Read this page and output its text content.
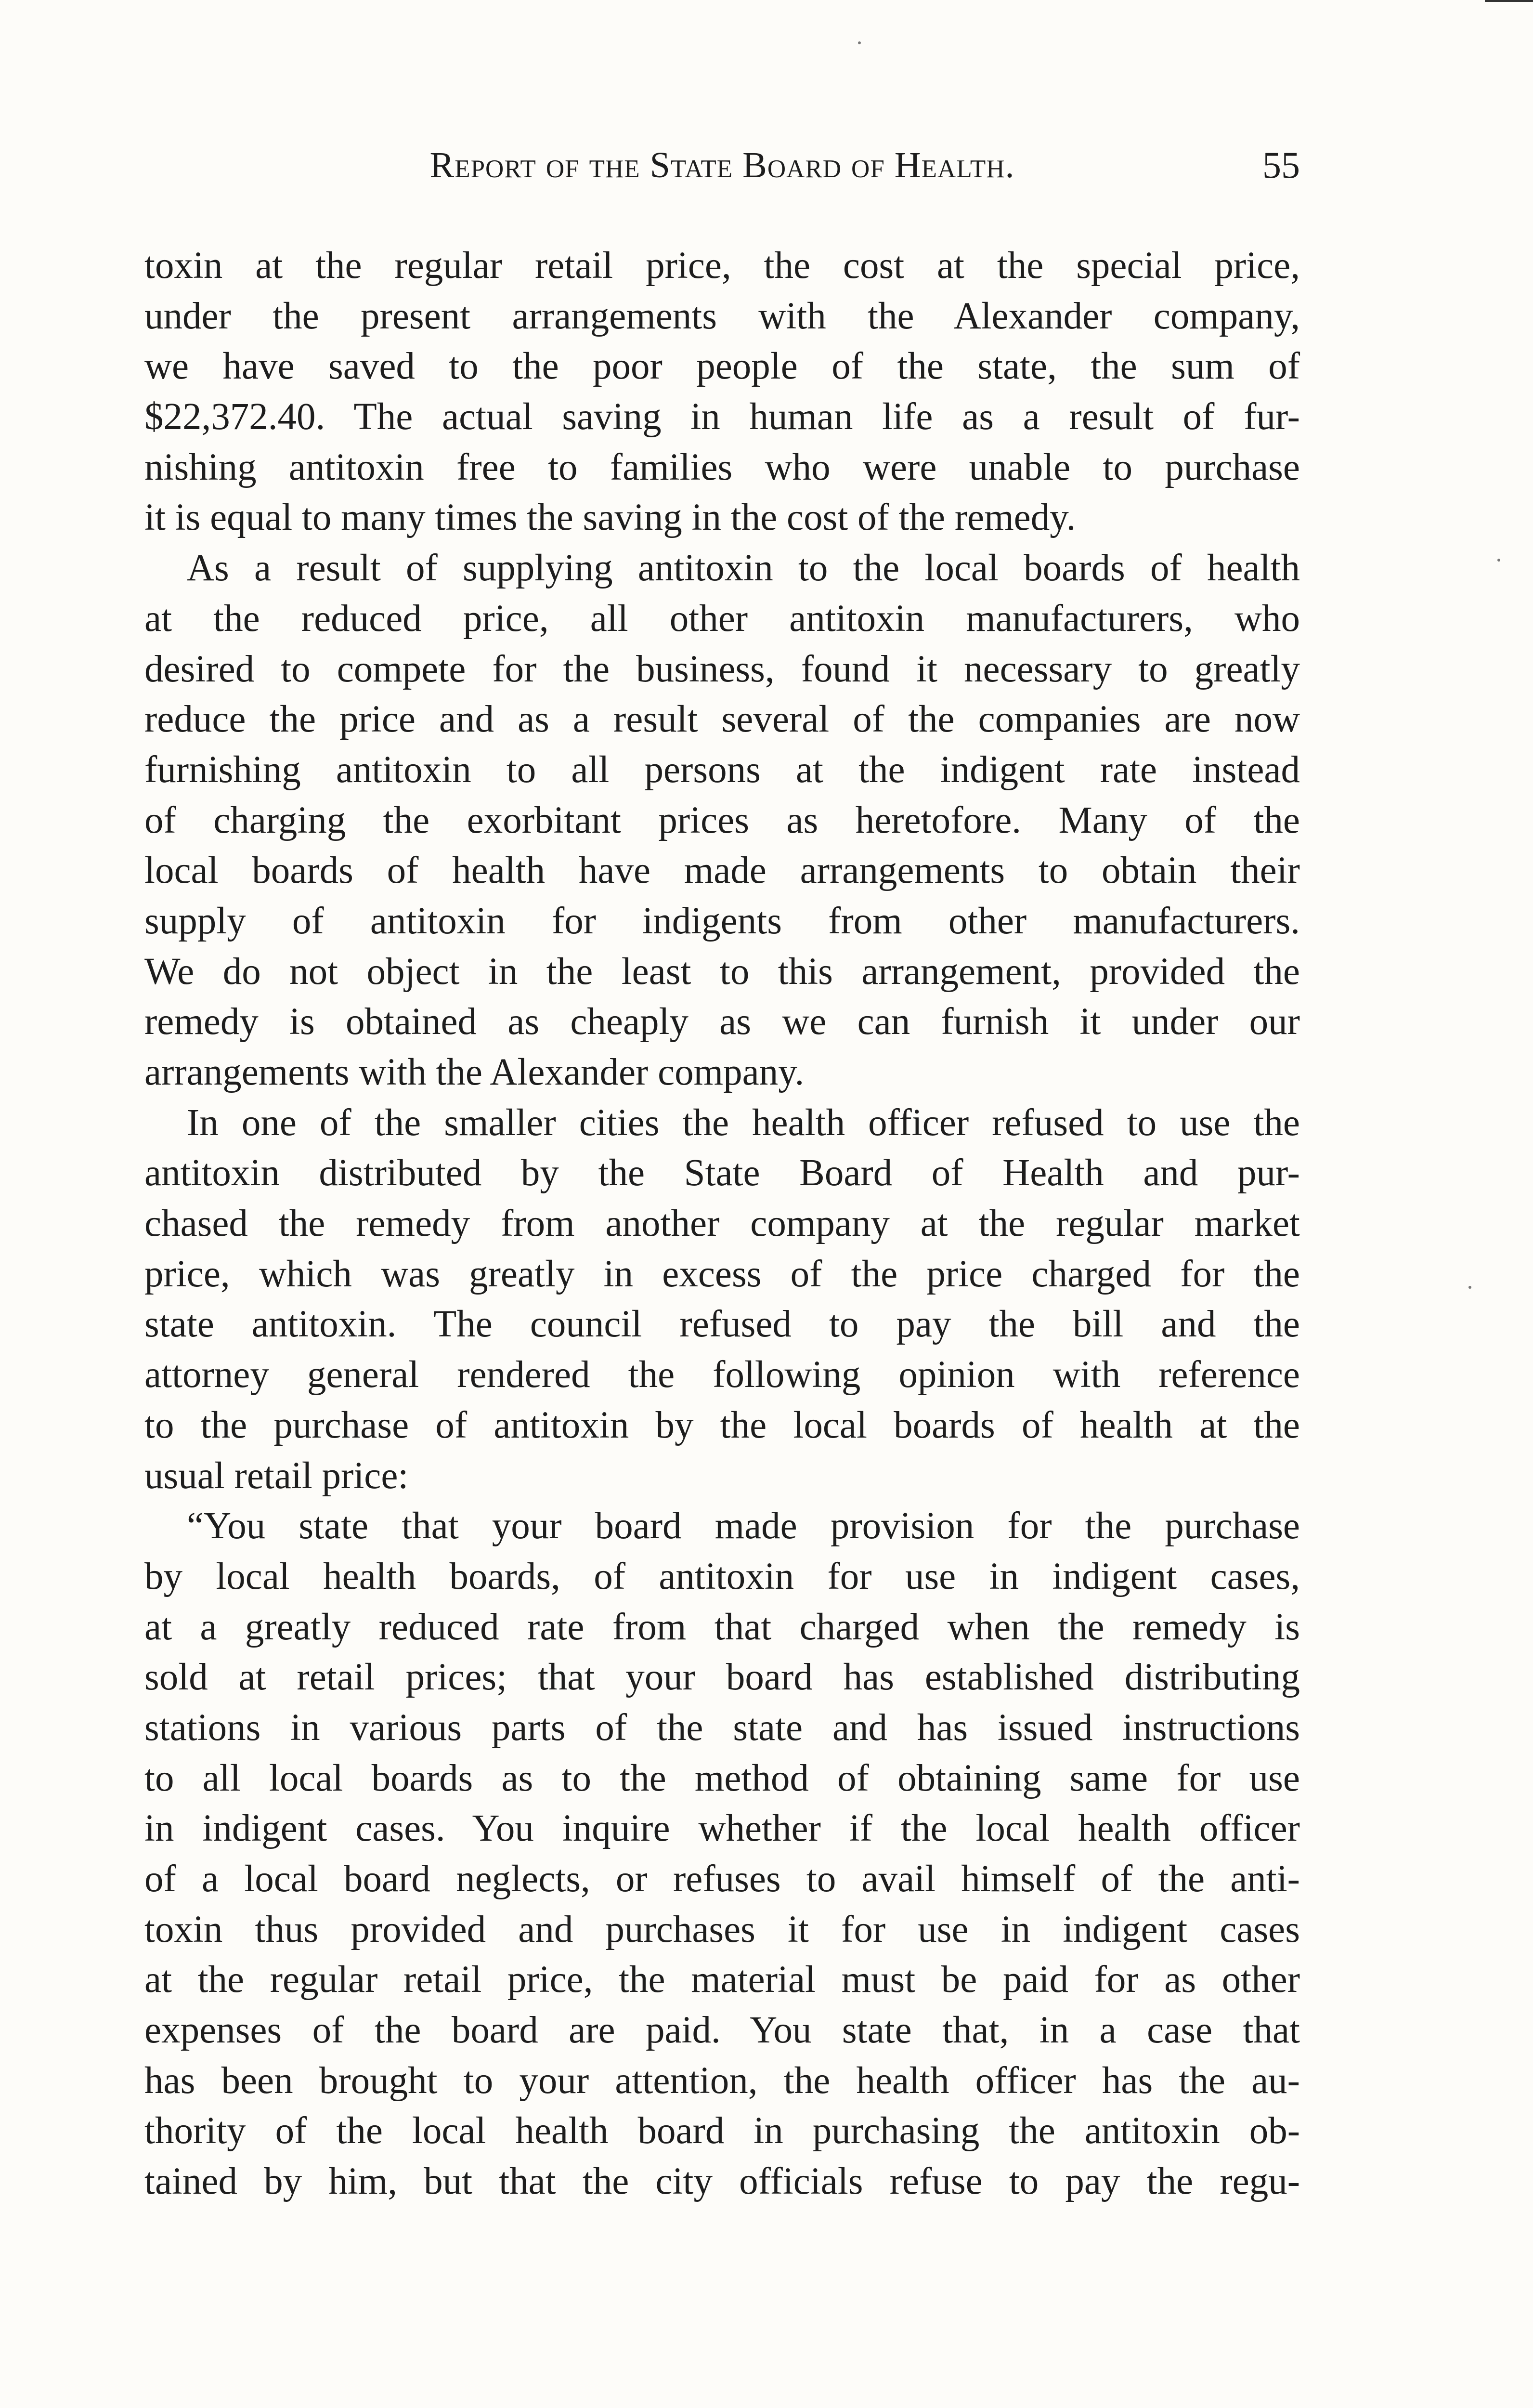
Report of the State Board of Health.	55
toxin at the regular retail price, the cost at the special price,
under the present arrangements with the Alexander company,
we have saved to the poor people of the state, the sum of
$22,372.40. The actual saving in human life as a result of fur-
nishing antitoxin free to families who were unable to purchase
it is equal to many times the saving in the cost of the remedy.
As a result of supplying antitoxin to the local boards of health
at the reduced price, all other antitoxin manufacturers, who
desired to compete for the business, found it necessary to greatly
reduce the price and as a result several of the companies are now
furnishing antitoxin to all persons at the indigent rate instead
of charging the exorbitant prices as heretofore. Many of the
local boards of health have made arrangements to obtain their
supply of antitoxin for indigents from other manufacturers.
We do not object in the least to this arrangement, provided the
remedy is obtained as cheaply as we can furnish it under our
arrangements with the Alexander company.
In one of the smaller cities the health officer refused to use the
antitoxin distributed by the State Board of Health and pur-
chased the remedy from another company at the regular market
price, which was greatly in excess of the price charged for the
state antitoxin. The council refused to pay the bill and the
attorney general rendered the following opinion with reference
to the purchase of antitoxin by the local boards of health at the
usual retail price:
“You state that your board made provision for the purchase
by local health boards, of antitoxin for use in indigent cases,
at a greatly reduced rate from that charged when the remedy is
sold at retail prices; that your board has established distributing
stations in various parts of the state and has issued instructions
to all local boards as to the method of obtaining same for use
in indigent cases. You inquire whether if the local health officer
of a local board neglects, or refuses to avail himself of the anti-
toxin thus provided and purchases it for use in indigent cases
at the regular retail price, the material must be paid for as other
expenses of the board are paid. You state that, in a case that
has been brought to your attention, the health officer has the au-
thority of the local health board in purchasing the antitoxin ob-
tained by him, but that the city officials refuse to pay the regu-
